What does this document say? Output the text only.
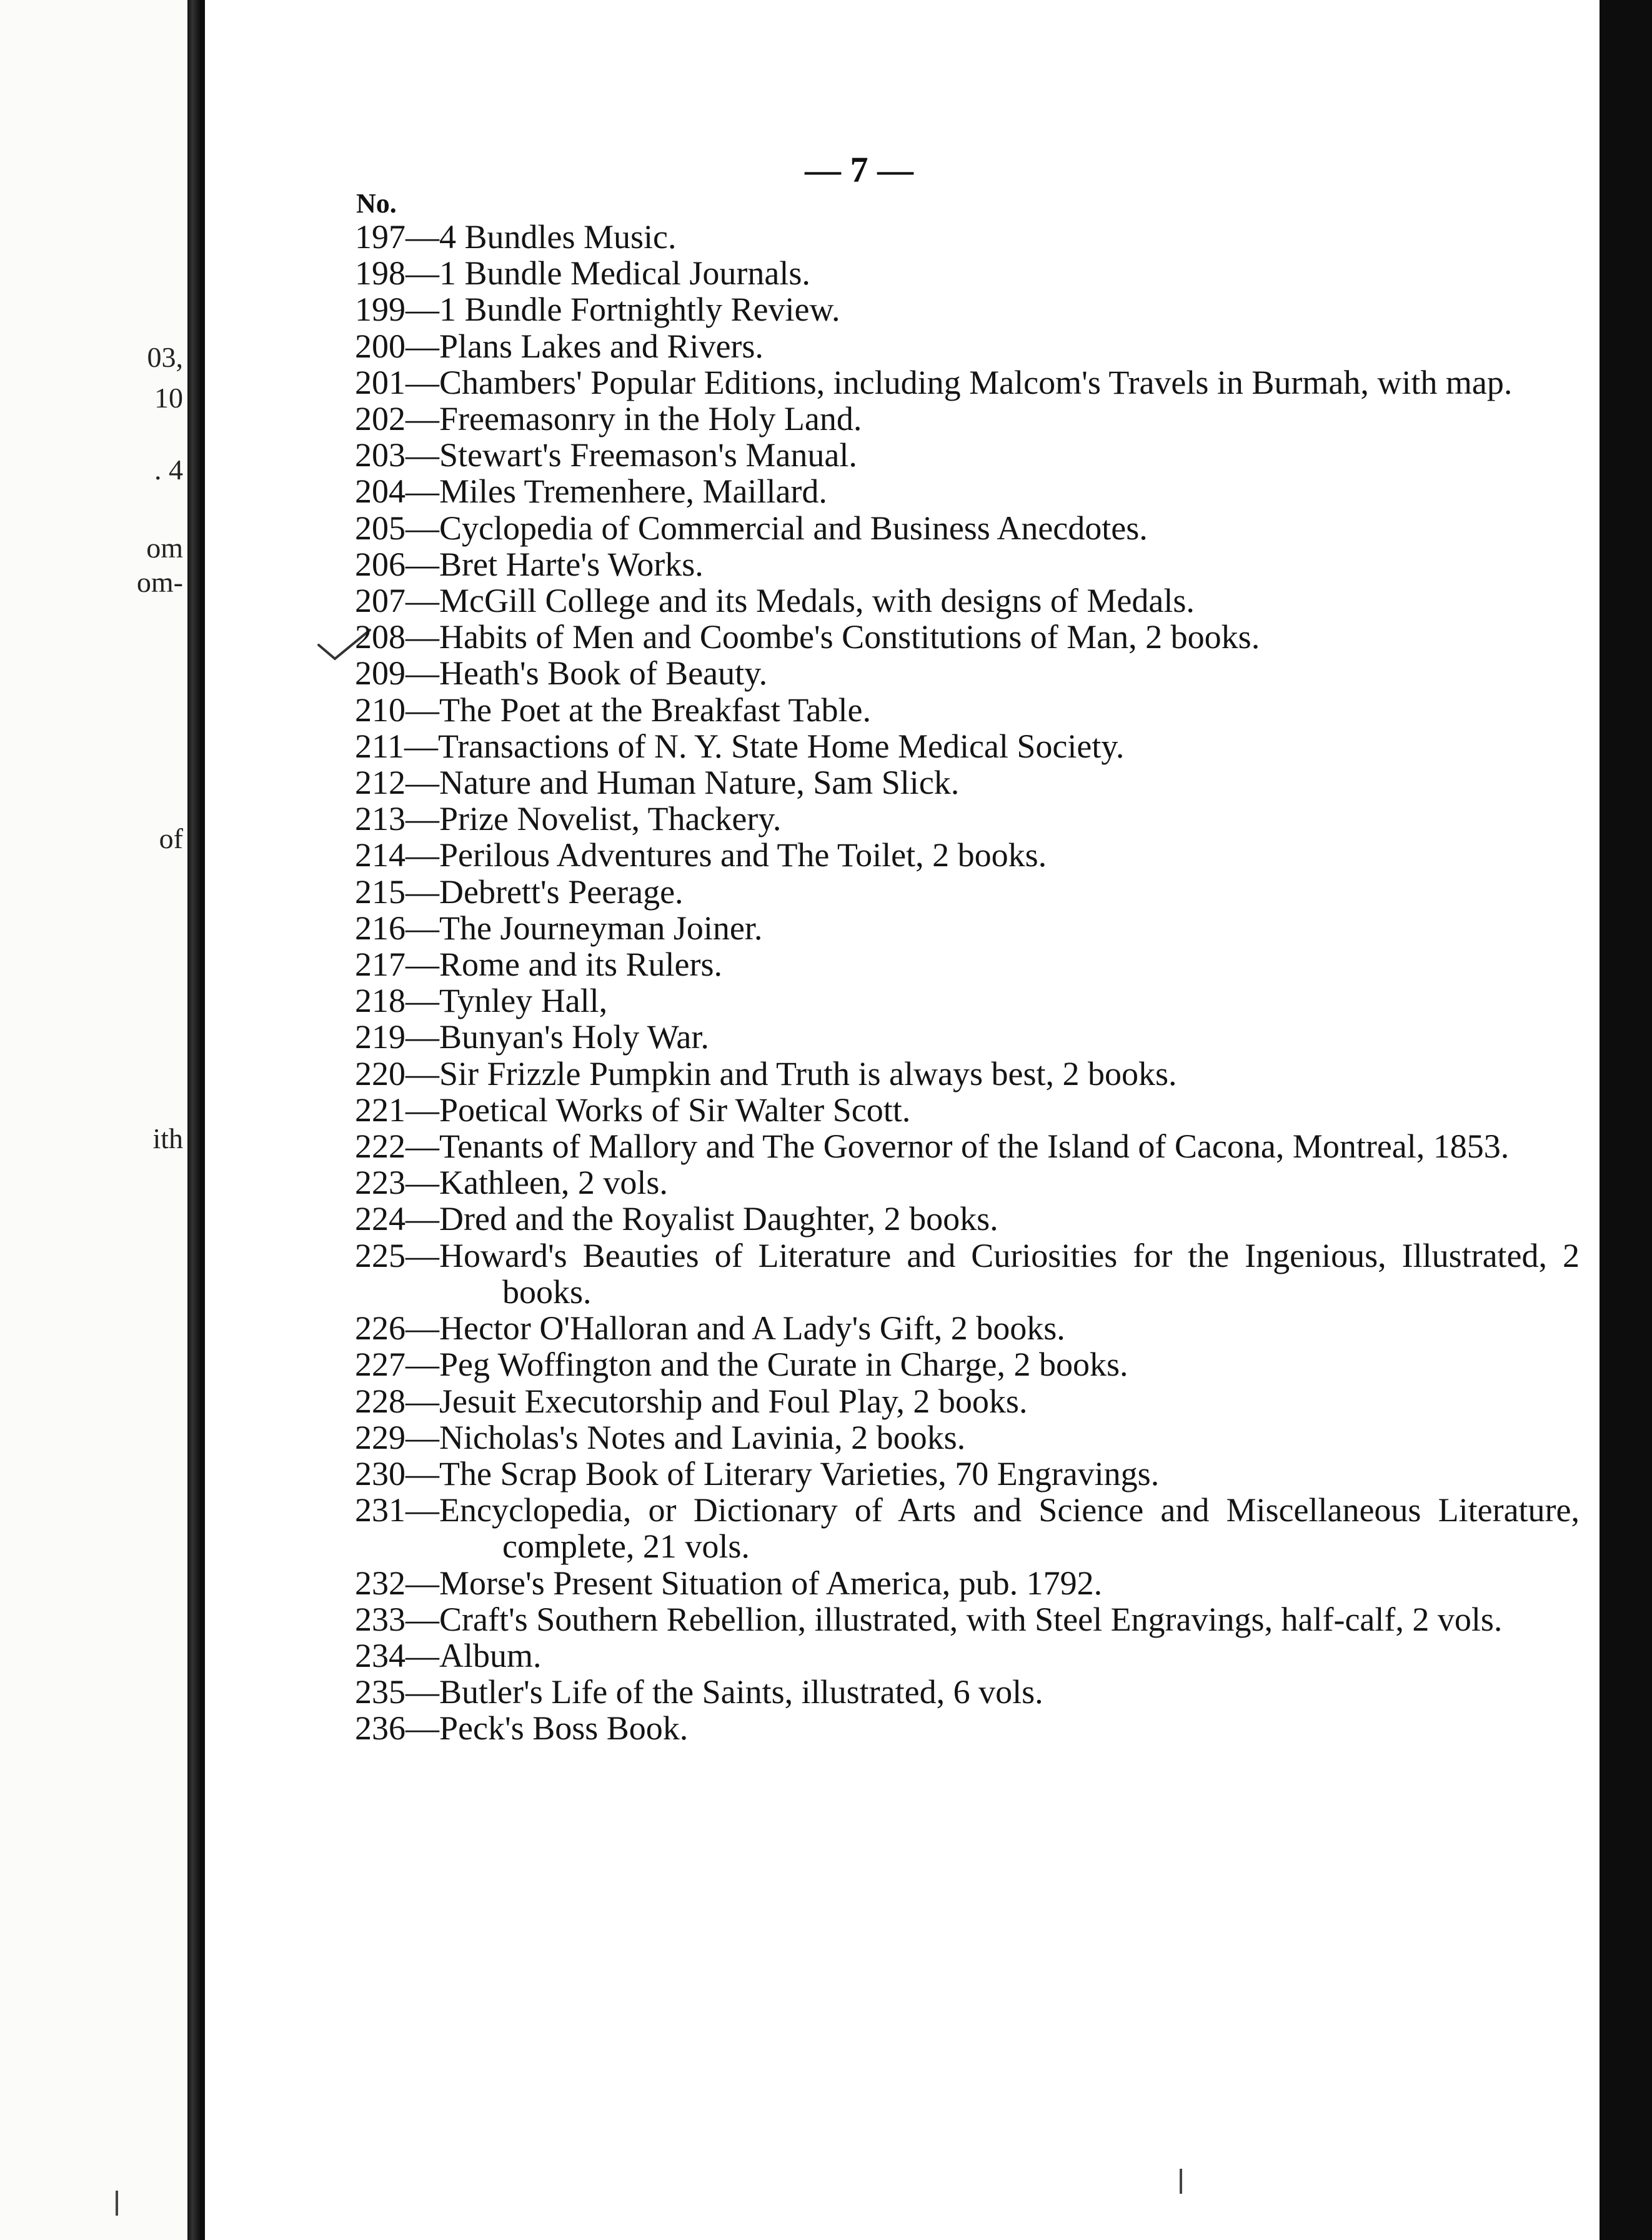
03,
10
. 4
om
om-
of
ith
— 7 —
No.
197—4 Bundles Music.
198—1 Bundle Medical Journals.
199—1 Bundle Fortnightly Review.
200—Plans Lakes and Rivers.
201—Chambers' Popular Editions, including Malcom's Travels in Burmah, with map.
202—Freemasonry in the Holy Land.
203—Stewart's Freemason's Manual.
204—Miles Tremenhere, Maillard.
205—Cyclopedia of Commercial and Business Anecdotes.
206—Bret Harte's Works.
207—McGill College and its Medals, with designs of Medals.
208—Habits of Men and Coombe's Constitutions of Man, 2 books.
209—Heath's Book of Beauty.
210—The Poet at the Breakfast Table.
211—Transactions of N. Y. State Home Medical Society.
212—Nature and Human Nature, Sam Slick.
213—Prize Novelist, Thackery.
214—Perilous Adventures and The Toilet, 2 books.
215—Debrett's Peerage.
216—The Journeyman Joiner.
217—Rome and its Rulers.
218—Tynley Hall,
219—Bunyan's Holy War.
220—Sir Frizzle Pumpkin and Truth is always best, 2 books.
221—Poetical Works of Sir Walter Scott.
222—Tenants of Mallory and The Governor of the Island of Cacona, Montreal, 1853.
223—Kathleen, 2 vols.
224—Dred and the Royalist Daughter, 2 books.
225—Howard's Beauties of Literature and Curiosities for the Ingenious, Illustrated, 2 books.
226—Hector O'Halloran and A Lady's Gift, 2 books.
227—Peg Woffington and the Curate in Charge, 2 books.
228—Jesuit Executorship and Foul Play, 2 books.
229—Nicholas's Notes and Lavinia, 2 books.
230—The Scrap Book of Literary Varieties, 70 Engravings.
231—Encyclopedia, or Dictionary of Arts and Science and Miscellaneous Literature, complete, 21 vols.
232—Morse's Present Situation of America, pub. 1792.
233—Craft's Southern Rebellion, illustrated, with Steel Engravings, half-calf, 2 vols.
234—Album.
235—Butler's Life of the Saints, illustrated, 6 vols.
236—Peck's Boss Book.
